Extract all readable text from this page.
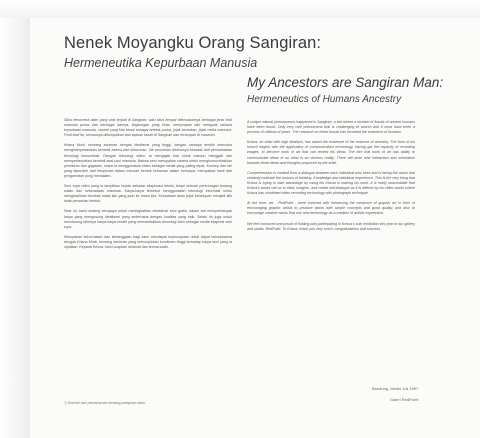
Nenek Moyangku Orang Sangiran:
Hermeneutika Kepurbaan Manusia
My Ancestors are Sangiran Man:
Hermeneutics of Humans Ancestry

Situs fenomena alam yang unik terjadi di Sangiran, satu situs tempat ditemukannya berbagai jenis fosil manusia purba dan berbagai lainnya, lingkungan yang khas, menyimpan dan menguak rahasia kepurbaan manusia, seperti yang kita kenal sebagai artefak purba, jejak bentukan, jejak cerita manusia. Fosil-fosil itu, semuanya dikumpulkan dari lapisan tanah di Sangiran dan tersimpan di museum.

Krisna Murti, seorang seniman dengan idealisme yang tinggi, dengan caranya sendiri mencoba menginterpretasikan kembali esensi dari keturunan. Ide pencarian leluhurnya berawal dari pemanfaatan teknologi komunikasi. Dengan teknologi video, ia mengajak kita untuk mampu menggali dan mempertanyakan kembali asal-usul manusia. Bahwa seni merupakan sarana untuk mengkomunikasikan pemikiran dan gagasan, maka ia menggunakan video sebagai media yang paling tepat. Konsep dan ide yang diperoleh dari eksplorasi dalam mencari bentuk kebaruan dalam berkarya, merupakan hasil dari pengamatan yang mendalam.

Seni rupa video yang ia tampilkan bukan sekadar eksplorasi teknis, tetapi sebuah perenungan tentang waktu dan keberadaan manusia. Karya-karya tersebut menggunakan teknologi informasi untuk menghadirkan kembali masa lalu yang jauh ke masa kini. Kesadaran akan jejak kehidupan menjadi titik tolak pencarian bentuk.

Seat ini, kami sedang berupaya untuk meningkatkan eksistensi seni grafis, dalam arti memperbanyak karya yang mengusung idealisme yang sederhana dengan kualitas yang baik. Selain itu juga untuk mendorong lahirnya karya-karya kreatif yang memanfaatkan teknologi baru sebagai media ekspresi seni rupa.

Merupakan kehormatan dan kebanggaan bagi kami mendapat kepercayaan untuk dapat bekerjasama dengan Krisna Murti, seorang seniman yang menunjukkan komitmen tinggi terhadap karya seni yang ia ciptakan. Kepada Krisna, kami ucapkan selamat dan terima kasih.

A unique natural phenomenon happened in Sangiran, a site where a number of fossils of ancient humans have been found. Only very rare phenomena that is challenging to search and it must have been a process of millions of years. The research on these fossils has revealed the existence of humans.

Krisna, an artist with high idealism, has asked the existence of the essence of ancestry. The form of his search begins with the application of communication technology, having got the capacity of recording images, to become work of art that can review his ideas. The fact that work of art has ability to communicate ideas of an artist is an obvious reality. There will arise new interaction and orientation towards those ideas and thoughts proposed by the artist.

Comprehension is created from a dialogue between each individual who sees and is facing the works that certainly motivate the horizon of thinking. Knowledge and individual experience. This is the very thing that Krisna is trying to take advantage by using his Krisna is making his work. It is really unavoidable that Krisna's works call us to think, imagine, and create self-dialogue as it is offered by his video works where Krisna has combined video recording technology with photograph technique.

At the time, we - RedPoint - were involved with enhancing the existence of graphic art in form of encouraging graphic artists to produce works with simple concepts and good quality, and also to encourage creative works that use new technology as a medium of artistic expression.

We feel honoured and proud of holding and participating in Krisna's solo exhibition this year in our gallery and studio, RedPoint. To Krisna, thank you very much, congratulations and success.

Bandung, Medio Juli 1997
Galeri RedPoint
*) Diambil dari pemahaman tentang pelajaran alam.
